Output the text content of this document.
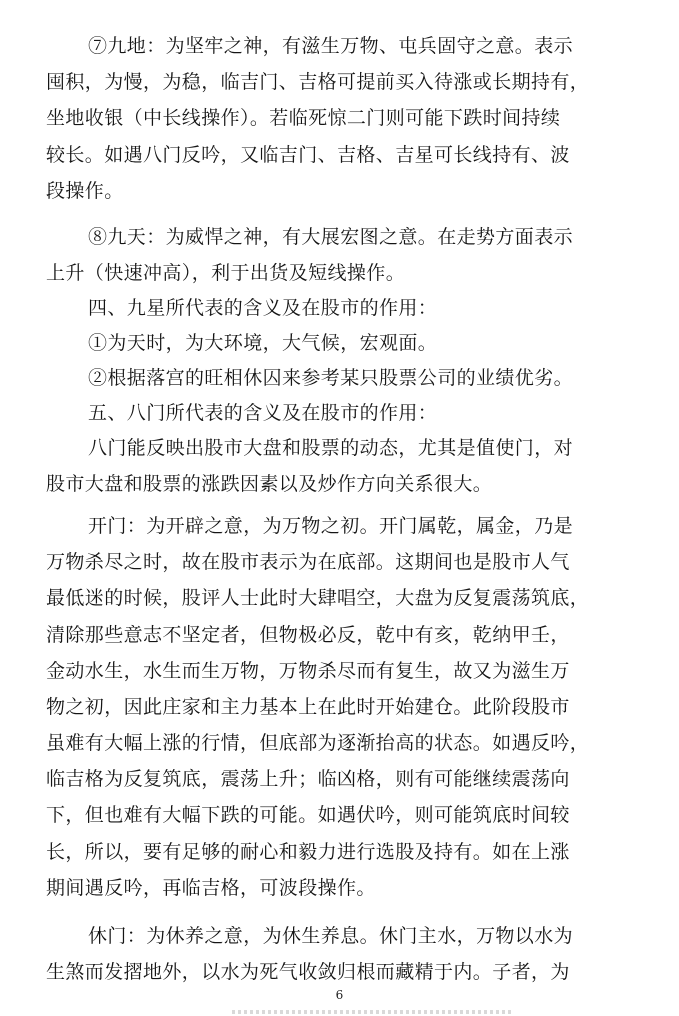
⑦九地：为坚牢之神，有滋生万物、屯兵固守之意。表示
囤积，为慢，为稳，临吉门、吉格可提前买入待涨或长期持有，
坐地收银（中长线操作）。若临死惊二门则可能下跌时间持续
较长。如遇八门反吟，又临吉门、吉格、吉星可长线持有、波
段操作。
⑧九天：为威悍之神，有大展宏图之意。在走势方面表示
上升（快速冲高），利于出货及短线操作。
四、九星所代表的含义及在股市的作用：
①为天时，为大环境，大气候，宏观面。
②根据落宫的旺相休囚来参考某只股票公司的业绩优劣。
五、八门所代表的含义及在股市的作用：
八门能反映出股市大盘和股票的动态，尤其是值使门，对
股市大盘和股票的涨跌因素以及炒作方向关系很大。
开门：为开辟之意，为万物之初。开门属乾，属金，乃是
万物杀尽之时，故在股市表示为在底部。这期间也是股市人气
最低迷的时候，股评人士此时大肆唱空，大盘为反复震荡筑底，
清除那些意志不坚定者，但物极必反，乾中有亥，乾纳甲壬，
金动水生，水生而生万物，万物杀尽而有复生，故又为滋生万
物之初，因此庄家和主力基本上在此时开始建仓。此阶段股市
虽难有大幅上涨的行情，但底部为逐渐抬高的状态。如遇反吟，
临吉格为反复筑底，震荡上升；临凶格，则有可能继续震荡向
下，但也难有大幅下跌的可能。如遇伏吟，则可能筑底时间较
长，所以，要有足够的耐心和毅力进行选股及持有。如在上涨
期间遇反吟，再临吉格，可波段操作。
休门：为休养之意，为休生养息。休门主水，万物以水为
生煞而发摺地外，以水为死气收敛归根而藏精于内。子者，为
6
